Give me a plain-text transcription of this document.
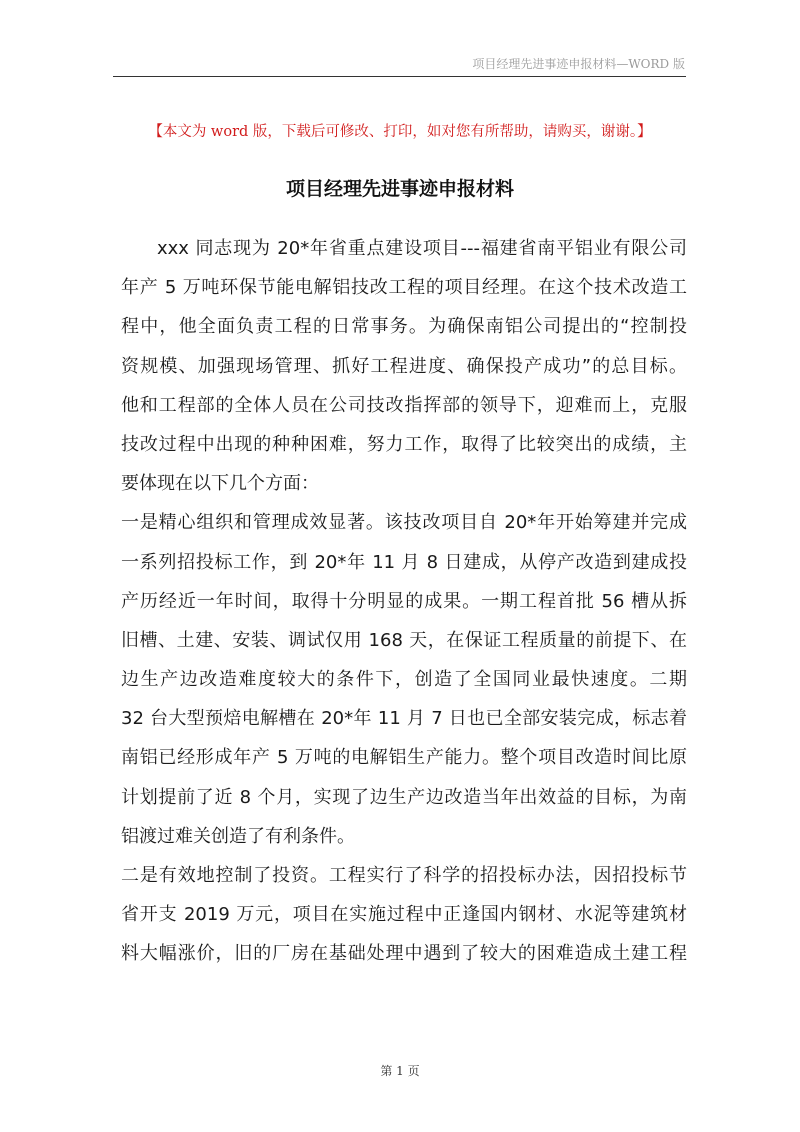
项目经理先进事迹申报材料—WORD 版
【本文为 word 版，下载后可修改、打印，如对您有所帮助，请购买，谢谢。】
项目经理先进事迹申报材料
xxx 同志现为 20*年省重点建设项目---福建省南平铝业有限公司
年产 5 万吨环保节能电解铝技改工程的项目经理。在这个技术改造工
程中，他全面负责工程的日常事务。为确保南铝公司提出的“控制投
资规模、加强现场管理、抓好工程进度、确保投产成功”的总目标。
他和工程部的全体人员在公司技改指挥部的领导下，迎难而上，克服
技改过程中出现的种种困难，努力工作，取得了比较突出的成绩，主
要体现在以下几个方面：
一是精心组织和管理成效显著。该技改项目自 20*年开始筹建并完成
一系列招投标工作，到 20*年 11 月 8 日建成，从停产改造到建成投
产历经近一年时间，取得十分明显的成果。一期工程首批 56 槽从拆
旧槽、土建、安装、调试仅用 168 天，在保证工程质量的前提下、在
边生产边改造难度较大的条件下，创造了全国同业最快速度。二期
32 台大型预焙电解槽在 20*年 11 月 7 日也已全部安装完成，标志着
南铝已经形成年产 5 万吨的电解铝生产能力。整个项目改造时间比原
计划提前了近 8 个月，实现了边生产边改造当年出效益的目标，为南
铝渡过难关创造了有利条件。
二是有效地控制了投资。工程实行了科学的招投标办法，因招投标节
省开支 2019 万元，项目在实施过程中正逢国内钢材、水泥等建筑材
料大幅涨价，旧的厂房在基础处理中遇到了较大的困难造成土建工程
第 1 页
